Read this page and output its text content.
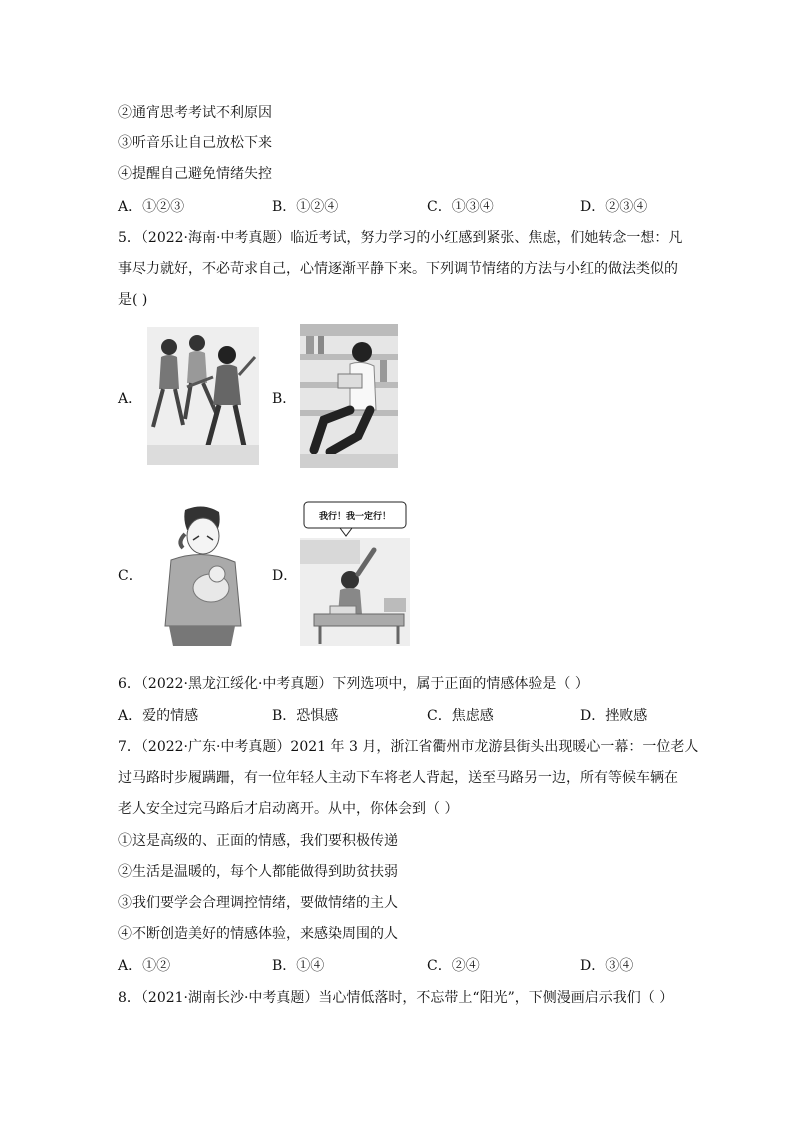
②通宵思考考试不利原因
③听音乐让自己放松下来
④提醒自己避免情绪失控
A．①②③	B．①②④	C．①③④	D．②③④
5．（2022·海南·中考真题）临近考试，努力学习的小红感到紧张、焦虑，们她转念一想：凡
事尽力就好，不必苛求自己，心情逐渐平静下来。下列调节情绪的方法与小红的做法类似的
是( )
A．	B．
C．	D．
我行！我一定行！
6．（2022·黑龙江绥化·中考真题）下列选项中，属于正面的情感体验是（ ）
A．爱的情感	B．恐惧感	C．焦虑感	D．挫败感
7．（2022·广东·中考真题）2021 年 3 月，浙江省衢州市龙游县街头出现暖心一幕：一位老人
过马路时步履蹒跚，有一位年轻人主动下车将老人背起，送至马路另一边，所有等候车辆在
老人安全过完马路后才启动离开。从中，你体会到（ ）
①这是高级的、正面的情感，我们要积极传递
②生活是温暖的，每个人都能做得到助贫扶弱
③我们要学会合理调控情绪，要做情绪的主人
④不断创造美好的情感体验，来感染周围的人
A．①②	B．①④	C．②④	D．③④
8．（2021·湖南长沙·中考真题）当心情低落时，不忘带上“阳光”，下侧漫画启示我们（ ）
